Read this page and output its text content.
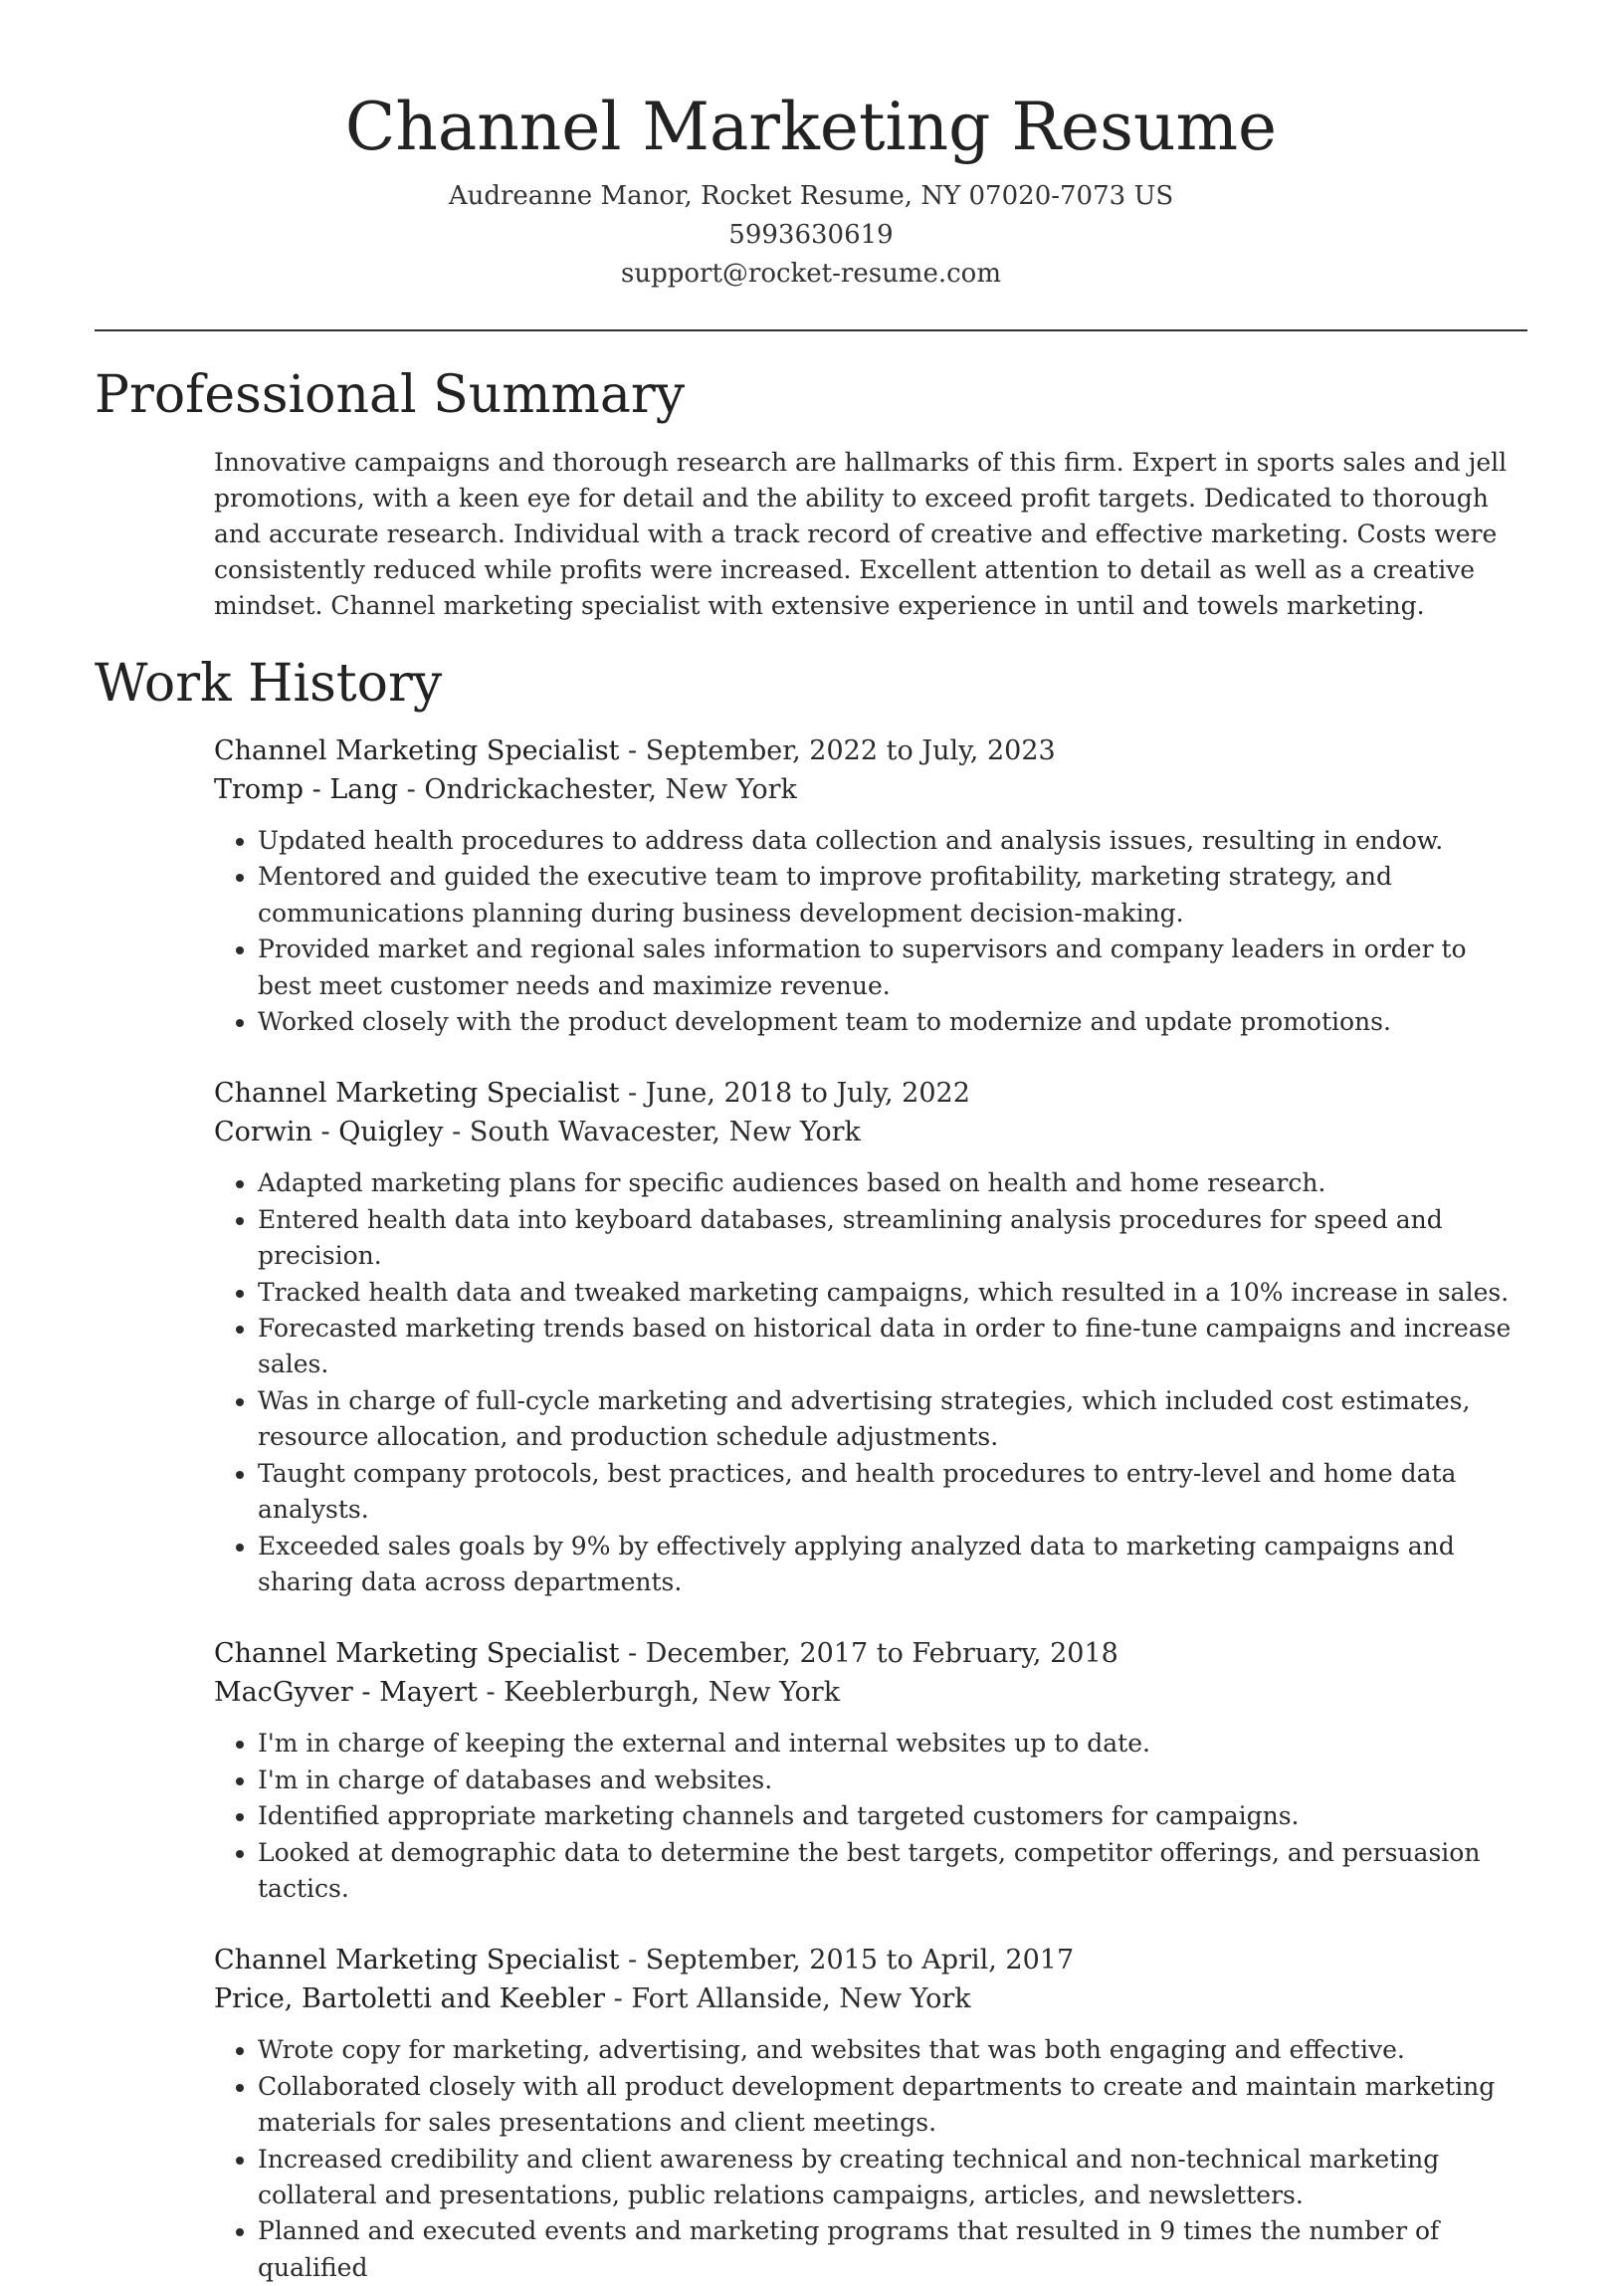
Channel Marketing Resume
Audreanne Manor, Rocket Resume, NY 07020-7073 US
5993630619
support@rocket-resume.com
Professional Summary

Innovative campaigns and thorough research are hallmarks of this firm. Expert in sports sales and jell promotions, with a keen eye for detail and the ability to exceed profit targets. Dedicated to thorough and accurate research. Individual with a track record of creative and effective marketing. Costs were consistently reduced while profits were increased. Excellent attention to detail as well as a creative mindset. Channel marketing specialist with extensive experience in until and towels marketing.

Work History
Channel Marketing Specialist - September, 2022 to July, 2023
Tromp - Lang - Ondrickachester, New York
• Updated health procedures to address data collection and analysis issues, resulting in endow.
• Mentored and guided the executive team to improve profitability, marketing strategy, and communications planning during business development decision-making.
• Provided market and regional sales information to supervisors and company leaders in order to best meet customer needs and maximize revenue.
• Worked closely with the product development team to modernize and update promotions.
Channel Marketing Specialist - June, 2018 to July, 2022
Corwin - Quigley - South Wavacester, New York
• Adapted marketing plans for specific audiences based on health and home research.
• Entered health data into keyboard databases, streamlining analysis procedures for speed and precision.
• Tracked health data and tweaked marketing campaigns, which resulted in a 10% increase in sales.
• Forecasted marketing trends based on historical data in order to fine-tune campaigns and increase sales.
• Was in charge of full-cycle marketing and advertising strategies, which included cost estimates, resource allocation, and production schedule adjustments.
• Taught company protocols, best practices, and health procedures to entry-level and home data analysts.
• Exceeded sales goals by 9% by effectively applying analyzed data to marketing campaigns and sharing data across departments.
Channel Marketing Specialist - December, 2017 to February, 2018
MacGyver - Mayert - Keeblerburgh, New York
• I'm in charge of keeping the external and internal websites up to date.
• I'm in charge of databases and websites.
• Identified appropriate marketing channels and targeted customers for campaigns.
• Looked at demographic data to determine the best targets, competitor offerings, and persuasion tactics.
Channel Marketing Specialist - September, 2015 to April, 2017
Price, Bartoletti and Keebler - Fort Allanside, New York
• Wrote copy for marketing, advertising, and websites that was both engaging and effective.
• Collaborated closely with all product development departments to create and maintain marketing materials for sales presentations and client meetings.
• Increased credibility and client awareness by creating technical and non-technical marketing collateral and presentations, public relations campaigns, articles, and newsletters.
• Planned and executed events and marketing programs that resulted in 9 times the number of qualified
